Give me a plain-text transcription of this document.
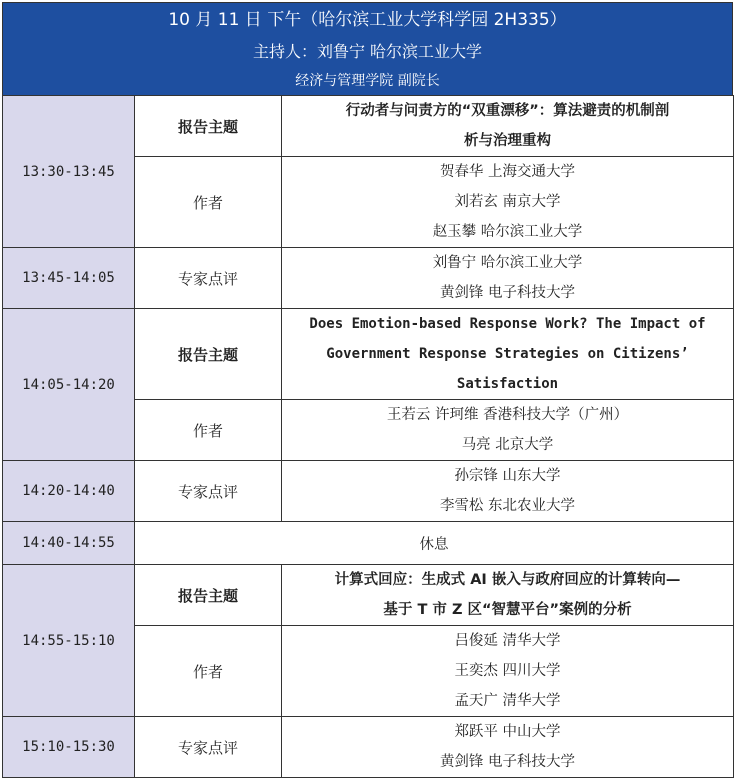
10 月 11 日 下午（哈尔滨工业大学科学园 2H335）
主持人：刘鲁宁 哈尔滨工业大学
经济与管理学院 副院长
13:30-13:45	报告主题	行动者与问责方的“双重漂移”：算法避责的机制剖
析与治理重构

	作者	贺春华 上海交通大学
刘若玄 南京大学
赵玉攀 哈尔滨工业大学

13:45-14:05	专家点评	刘鲁宁 哈尔滨工业大学
黄剑锋 电子科技大学

14:05-14:20	报告主题	Does Emotion-based Response Work? The Impact of
Government Response Strategies on Citizens’
Satisfaction

	作者	王若云 许珂维 香港科技大学（广州）
马亮 北京大学

14:20-14:40	专家点评	孙宗锋 山东大学
李雪松 东北农业大学

14:40-14:55	休息	
14:55-15:10	报告主题	计算式回应：生成式 AI 嵌入与政府回应的计算转向—
基于 T 市 Z 区“智慧平台”案例的分析

	作者	吕俊延 清华大学
王奕杰 四川大学
孟天广 清华大学

15:10-15:30	专家点评	郑跃平 中山大学
黄剑锋 电子科技大学
